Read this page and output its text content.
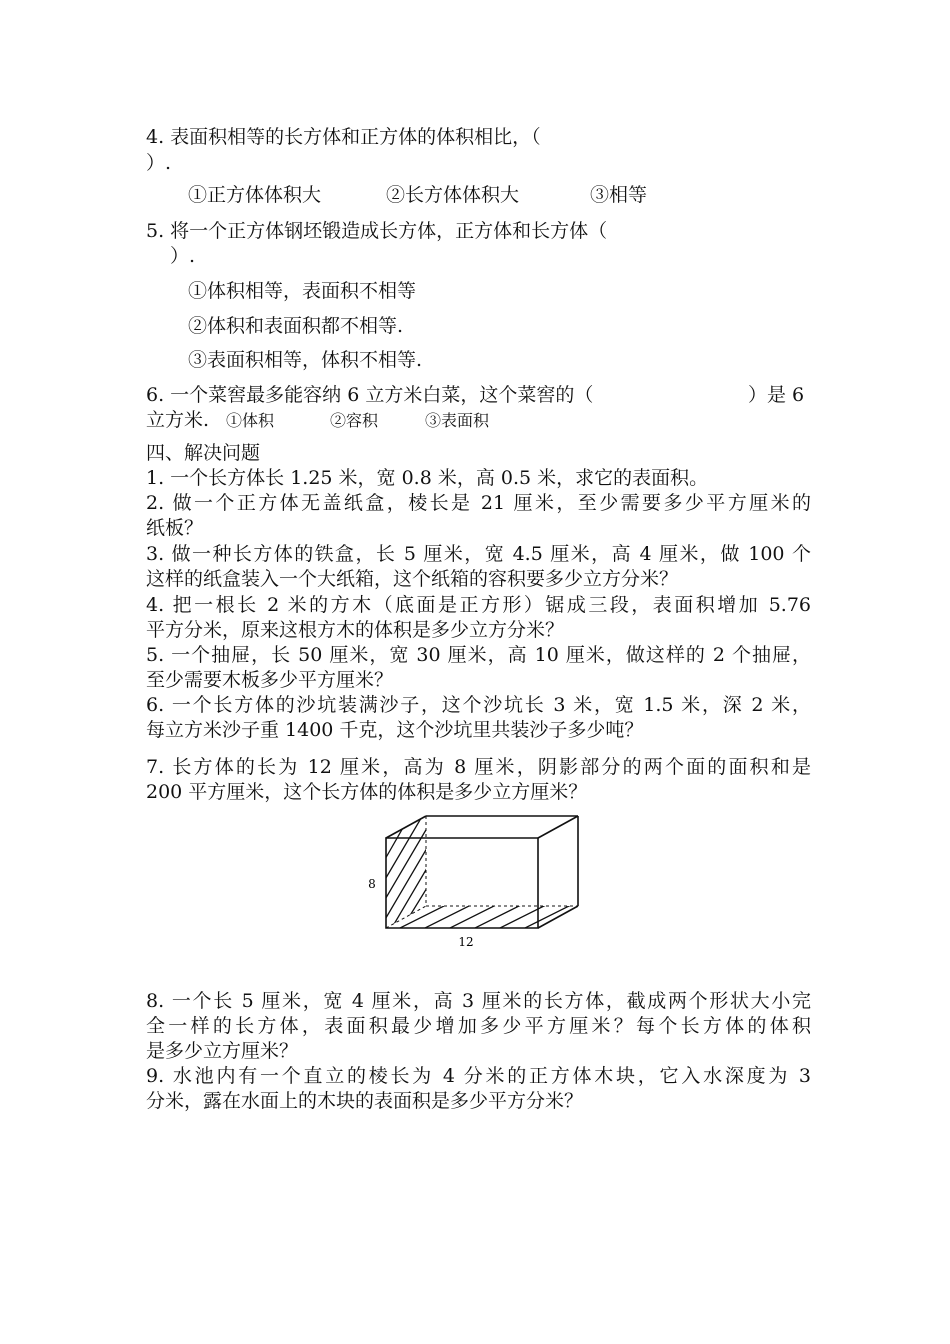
4. 表面积相等的长方体和正方体的体积相比，（
）.
①正方体体积大	②长方体体积大	③相等
5. 将一个正方体钢坯锻造成长方体，正方体和长方体（
）.
①体积相等，表面积不相等
②体积和表面积都不相等.
③表面积相等，体积不相等.
6. 一个菜窖最多能容纳 6 立方米白菜，这个菜窖的（	）是 6
立方米.	①体积	②容积	③表面积
四、解决问题
1. 一个长方体长 1.25 米，宽 0.8 米，高 0.5 米，求它的表面积。
2. 做一个正方体无盖纸盒，棱长是 21 厘米，至少需要多少平方厘米的
纸板？
3. 做一种长方体的铁盒，长 5 厘米，宽 4.5 厘米，高 4 厘米，做 100 个
这样的纸盒装入一个大纸箱，这个纸箱的容积要多少立方分米？
4. 把一根长 2 米的方木（底面是正方形）锯成三段，表面积增加 5.76
平方分米，原来这根方木的体积是多少立方分米？
5. 一个抽屉，长 50 厘米，宽 30 厘米，高 10 厘米，做这样的 2 个抽屉，
至少需要木板多少平方厘米？
6. 一个长方体的沙坑装满沙子，这个沙坑长 3 米，宽 1.5 米，深 2 米，
每立方米沙子重 1400 千克，这个沙坑里共装沙子多少吨？
7. 长方体的长为 12 厘米，高为 8 厘米，阴影部分的两个面的面积和是
200 平方厘米，这个长方体的体积是多少立方厘米？
8
12
8. 一个长 5 厘米，宽 4 厘米，高 3 厘米的长方体，截成两个形状大小完
全一样的长方体，表面积最少增加多少平方厘米？每个长方体的体积
是多少立方厘米？
9. 水池内有一个直立的棱长为 4 分米的正方体木块，它入水深度为 3
分米，露在水面上的木块的表面积是多少平方分米？
